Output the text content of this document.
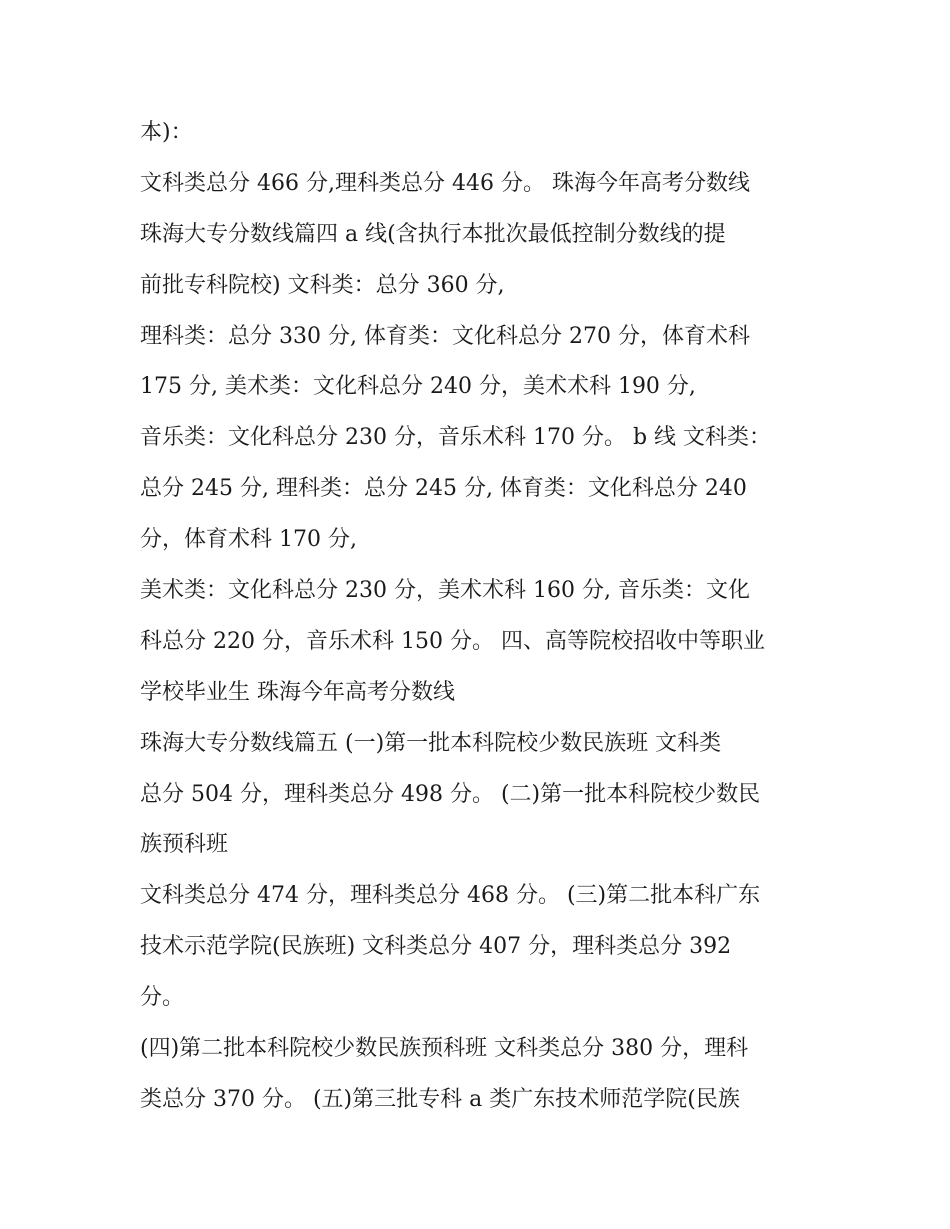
本)：
文科类总分 466 分,理科类总分 446 分。 珠海今年高考分数线
珠海大专分数线篇四 a 线(含执行本批次最低控制分数线的提
前批专科院校) 文科类：总分 360 分,
理科类：总分 330 分, 体育类：文化科总分 270 分，体育术科
175 分, 美术类：文化科总分 240 分，美术术科 190 分,
音乐类：文化科总分 230 分，音乐术科 170 分。 b 线 文科类：
总分 245 分, 理科类：总分 245 分, 体育类：文化科总分 240
分，体育术科 170 分,
美术类：文化科总分 230 分，美术术科 160 分, 音乐类：文化
科总分 220 分，音乐术科 150 分。 四、高等院校招收中等职业
学校毕业生 珠海今年高考分数线
珠海大专分数线篇五 (一)第一批本科院校少数民族班 文科类
总分 504 分，理科类总分 498 分。 (二)第一批本科院校少数民
族预科班
文科类总分 474 分，理科类总分 468 分。 (三)第二批本科广东
技术示范学院(民族班) 文科类总分 407 分，理科类总分 392
分。
(四)第二批本科院校少数民族预科班 文科类总分 380 分，理科
类总分 370 分。 (五)第三批专科 a 类广东技术师范学院(民族
